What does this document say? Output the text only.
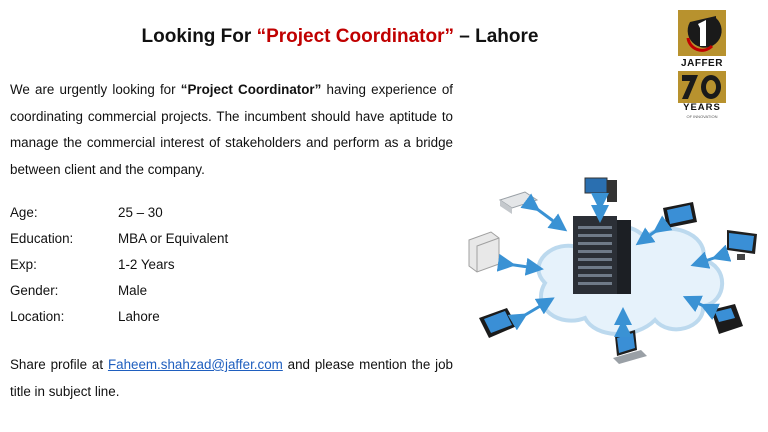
Looking For “Project Coordinator” – Lahore
We are urgently looking for “Project Coordinator” having experience of coordinating commercial projects. The incumbent should have aptitude to manage the commercial interest of stakeholders and perform as a bridge between client and the company.
Age:	25 – 30
Education:	MBA or Equivalent
Exp:	1-2 Years
Gender:	Male
Location:	Lahore
Share profile at Faheem.shahzad@jaffer.com and please mention the job title in subject line.
JAFFER
YEARS
OF INNOVATION
